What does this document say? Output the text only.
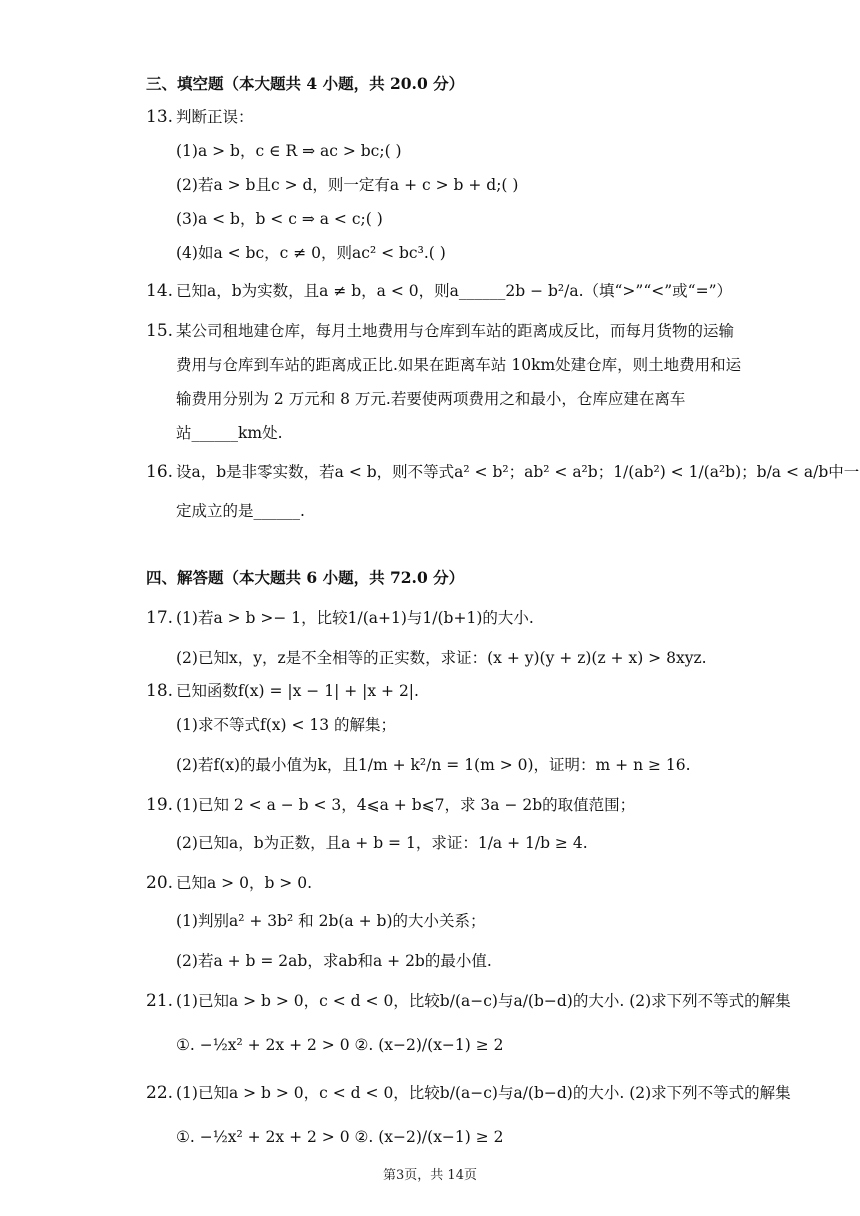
三、填空题（本大题共 4 小题，共 20.0 分）
13. 判断正误：
(1)a > b，c ∈ R ⇒ ac > bc;( )
(2)若a > b且c > d，则一定有a + c > b + d;( )
(3)a < b，b < c ⇒ a < c;( )
(4)如a < bc，c ≠ 0，则ac² < bc³.( )
14. 已知a，b为实数，且a ≠ b，a < 0，则a______2b − b²/a.（填“>”“<”或“=”）
15. 某公司租地建仓库，每月土地费用与仓库到车站的距离成反比，而每月货物的运输
费用与仓库到车站的距离成正比.如果在距离车站 10km处建仓库，则土地费用和运
输费用分别为 2 万元和 8 万元.若要使两项费用之和最小，仓库应建在离车
站______km处.
16. 设a，b是非零实数，若a < b，则不等式a² < b²；ab² < a²b；1/(ab²) < 1/(a²b)；b/a < a/b中一
定成立的是______.
四、解答题（本大题共 6 小题，共 72.0 分）
17. (1)若a > b >− 1，比较1/(a+1)与1/(b+1)的大小.
(2)已知x，y，z是不全相等的正实数，求证：(x + y)(y + z)(z + x) > 8xyz.
18. 已知函数f(x) = |x − 1| + |x + 2|.
(1)求不等式f(x) < 13 的解集；
(2)若f(x)的最小值为k，且1/m + k²/n = 1(m > 0)，证明：m + n ≥ 16.
19. (1)已知 2 < a − b < 3，4⩽a + b⩽7，求 3a − 2b的取值范围；
(2)已知a，b为正数，且a + b = 1，求证：1/a + 1/b ≥ 4.
20. 已知a > 0，b > 0.
(1)判别a² + 3b² 和 2b(a + b)的大小关系；
(2)若a + b = 2ab，求ab和a + 2b的最小值.
21. (1)已知a > b > 0，c < d < 0，比较b/(a−c)与a/(b−d)的大小. (2)求下列不等式的解集
①. −½x² + 2x + 2 > 0 ②. (x−2)/(x−1) ≥ 2
22. (1)已知a > b > 0，c < d < 0，比较b/(a−c)与a/(b−d)的大小. (2)求下列不等式的解集
①. −½x² + 2x + 2 > 0 ②. (x−2)/(x−1) ≥ 2
第3页，共 14页
